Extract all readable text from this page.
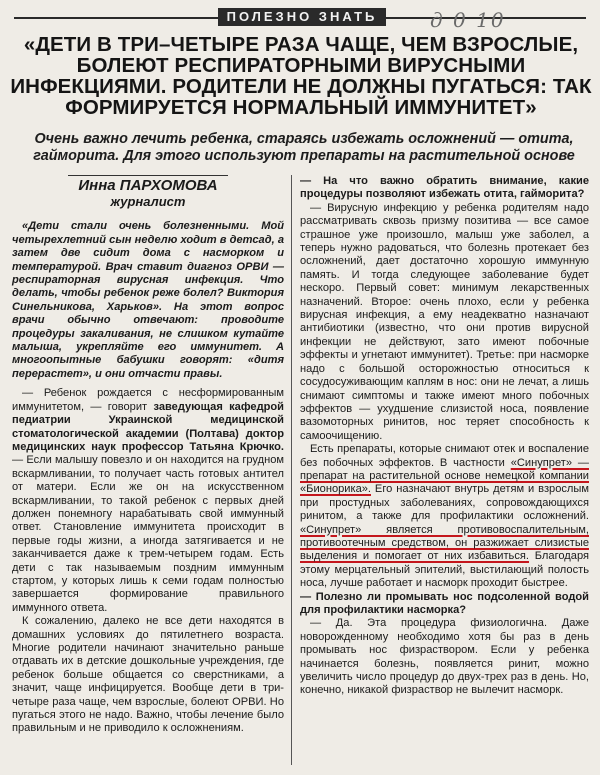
ПОЛЕЗНО ЗНАТЬ	д 0 10
«ДЕТИ В ТРИ–ЧЕТЫРЕ РАЗА ЧАЩЕ, ЧЕМ ВЗРОСЛЫЕ, БОЛЕЮТ РЕСПИРАТОРНЫМИ ВИРУСНЫМИ ИНФЕКЦИЯМИ. РОДИТЕЛИ НЕ ДОЛЖНЫ ПУГАТЬСЯ: ТАК ФОРМИРУЕТСЯ НОРМАЛЬНЫЙ ИММУНИТЕТ»
Очень важно лечить ребенка, стараясь избежать осложнений — отита, гайморита. Для этого используют препараты на растительной основе
Инна ПАРХОМОВА
журналист

«Дети стали очень болезненными. Мой четырехлетний сын неделю ходит в детсад, а затем две сидит дома с насморком и температурой. Врач ставит диагноз ОРВИ — респираторная вирусная инфекция. Что делать, чтобы ребенок реже болел? Виктория Синельникова, Харьков». На этот вопрос врачи обычно отвечают: проводите процедуры закаливания, не слишком кутайте малыша, укрепляйте его иммунитет. А многоопытные бабушки говорят: «дитя перерастет», и они отчасти правы.

— Ребенок рождается с несформированным иммунитетом, — говорит заведующая кафедрой педиатрии Украинской медицинской стоматологической академии (Полтава) доктор медицинских наук профессор Татьяна Крючко. — Если малышу повезло и он находится на грудном вскармливании, то получает часть готовых антител от матери. Если же он на искусственном вскармливании, то такой ребенок с первых дней должен понемногу нарабатывать свой иммунный ответ. Становление иммунитета происходит в первые годы жизни, а иногда затягивается и не заканчивается даже к трем-четырем годам. Есть дети с так называемым поздним иммунным стартом, у которых лишь к семи годам полностью завершается формирование правильного иммунного ответа.

К сожалению, далеко не все дети находятся в домашних условиях до пятилетнего возраста. Многие родители начинают значительно раньше отдавать их в детские дошкольные учреждения, где ребенок больше общается со сверстниками, а значит, чаще инфицируется. Вообще дети в три-четыре раза чаще, чем взрослые, болеют ОРВИ. Но пугаться этого не надо. Важно, чтобы лечение было правильным и не приводило к осложнениям.

— На что важно обратить внимание, какие процедуры позволяют избежать отита, гайморита?

— Вирусную инфекцию у ребенка родителям надо рассматривать сквозь призму позитива — все самое страшное уже произошло, малыш уже заболел, а теперь нужно радоваться, что болезнь протекает без осложнений, дает достаточно хорошую иммунную память. И тогда следующее заболевание будет нескоро. Первый совет: минимум лекарственных назначений. Второе: очень плохо, если у ребенка вирусная инфекция, а ему неадекватно назначают антибиотики (известно, что они против вирусной инфекции не действуют, зато имеют побочные эффекты и угнетают иммунитет). Третье: при насморке надо с большой осторожностью относиться к сосудосуживающим каплям в нос: они не лечат, а лишь снимают симптомы и также имеют много побочных эффектов — ухудшение слизистой носа, появление вазомоторных ринитов, нос теряет способность к самоочищению.

Есть препараты, которые снимают отек и воспаление без побочных эффектов. В частности «Синупрет» — препарат на растительной основе немецкой компании «Бионорика». Его назначают внутрь детям и взрослым при простудных заболеваниях, сопровождающихся ринитом, а также для профилактики осложнений. «Синупрет» является противовоспалительным, противоотечным средством, он разжижает слизистые выделения и помогает от них избавиться. Благодаря этому мерцательный эпителий, выстилающий полость носа, лучше работает и насморк проходит быстрее.

— Полезно ли промывать нос подсоленной водой для профилактики насморка?

— Да. Эта процедура физиологична. Даже новорожденному необходимо хотя бы раз в день промывать нос физраствором. Если у ребенка начинается болезнь, появляется ринит, можно увеличить число процедур до двух-трех раз в день. Но, конечно, никакой физраствор не вылечит насморк.
